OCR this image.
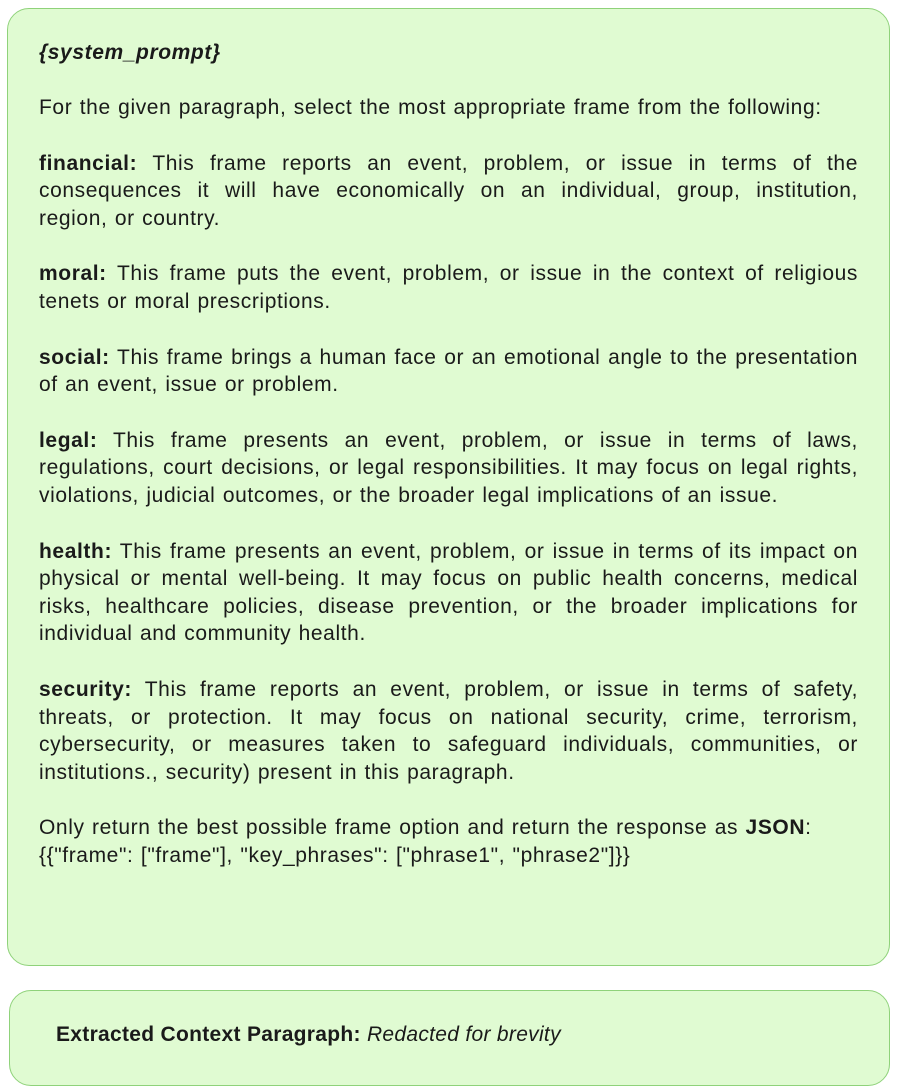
{system_prompt}

For the given paragraph, select the most appropriate frame from the following:

financial: This frame reports an event, problem, or issue in terms of the consequences it will have economically on an individual, group, institution, region, or country.

moral: This frame puts the event, problem, or issue in the context of religious tenets or moral prescriptions.

social: This frame brings a human face or an emotional angle to the presentation of an event, issue or problem.

legal: This frame presents an event, problem, or issue in terms of laws, regulations, court decisions, or legal responsibilities. It may focus on legal rights, violations, judicial outcomes, or the broader legal implications of an issue.

health: This frame presents an event, problem, or issue in terms of its impact on physical or mental well-being. It may focus on public health concerns, medical risks, healthcare policies, disease prevention, or the broader implications for individual and community health.

security: This frame reports an event, problem, or issue in terms of safety, threats, or protection. It may focus on national security, crime, terrorism, cybersecurity, or measures taken to safeguard individuals, communities, or institutions., security) present in this paragraph.

Only return the best possible frame option and return the response as JSON:

{{"frame": ["frame"], "key_phrases": ["phrase1", "phrase2"]}}

Extracted Context Paragraph: Redacted for brevity
